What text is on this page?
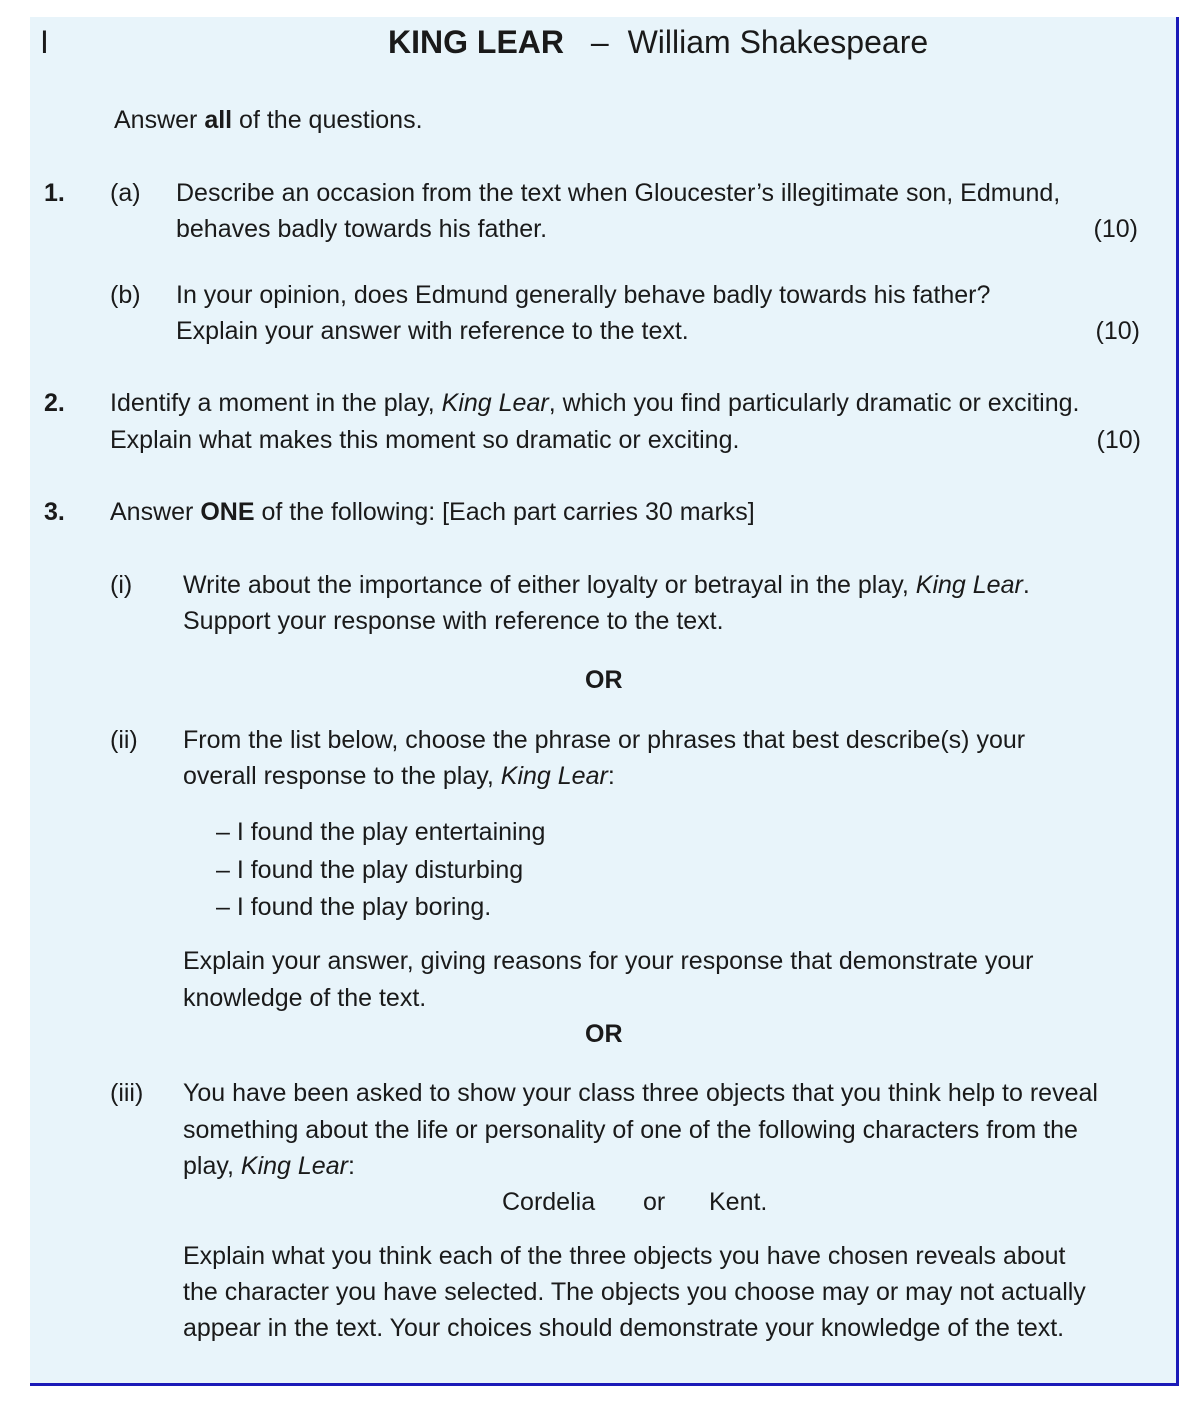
I	KING LEAR – William Shakespeare
Answer all of the questions.
1. (a) Describe an occasion from the text when Gloucester’s illegitimate son, Edmund,
behaves badly towards his father.	(10)
(b) In your opinion, does Edmund generally behave badly towards his father?
Explain your answer with reference to the text.	(10)
2. Identify a moment in the play, King Lear, which you find particularly dramatic or exciting.
Explain what makes this moment so dramatic or exciting.	(10)
3. Answer ONE of the following: [Each part carries 30 marks]
(i) Write about the importance of either loyalty or betrayal in the play, King Lear.
Support your response with reference to the text.
OR
(ii) From the list below, choose the phrase or phrases that best describe(s) your
overall response to the play, King Lear:
– I found the play entertaining
– I found the play disturbing
– I found the play boring.
Explain your answer, giving reasons for your response that demonstrate your
knowledge of the text.
OR
(iii) You have been asked to show your class three objects that you think help to reveal
something about the life or personality of one of the following characters from the
play, King Lear:
Cordelia or Kent.
Explain what you think each of the three objects you have chosen reveals about
the character you have selected. The objects you choose may or may not actually
appear in the text. Your choices should demonstrate your knowledge of the text.
